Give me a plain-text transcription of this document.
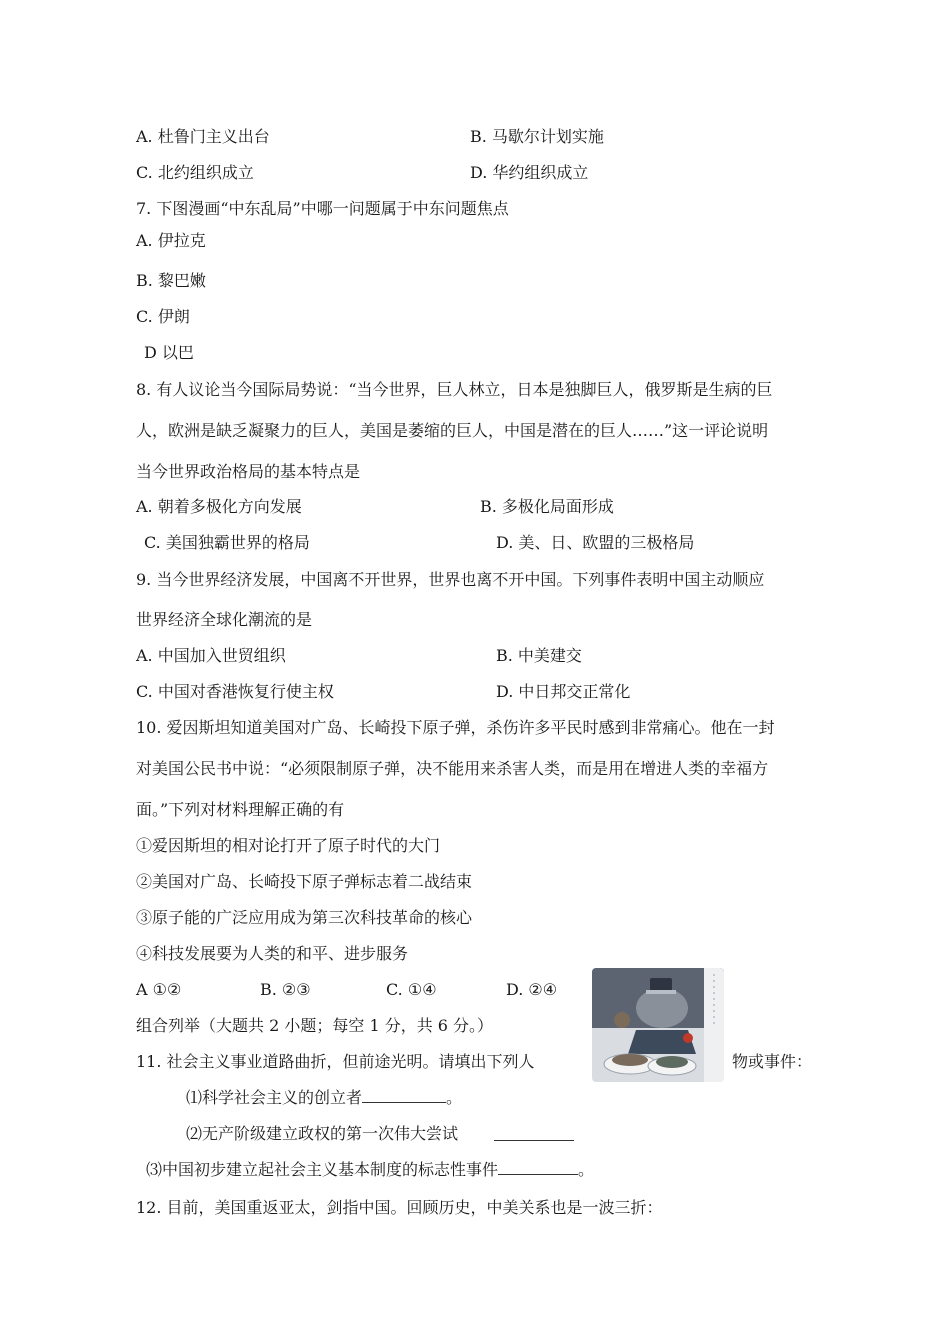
A. 杜鲁门主义出台	B. 马歇尔计划实施
C. 北约组织成立	D. 华约组织成立
7. 下图漫画“中东乱局”中哪一问题属于中东问题焦点
A. 伊拉克
B. 黎巴嫩
C. 伊朗
D 以巴
8. 有人议论当今国际局势说：“当今世界，巨人林立，日本是独脚巨人，俄罗斯是生病的巨
人，欧洲是缺乏凝聚力的巨人，美国是萎缩的巨人，中国是潜在的巨人……”这一评论说明
当今世界政治格局的基本特点是
A. 朝着多极化方向发展	B. 多极化局面形成
C. 美国独霸世界的格局	D. 美、日、欧盟的三极格局
9. 当今世界经济发展，中国离不开世界，世界也离不开中国。下列事件表明中国主动顺应
世界经济全球化潮流的是
A. 中国加入世贸组织	B. 中美建交
C. 中国对香港恢复行使主权	D. 中日邦交正常化
10. 爱因斯坦知道美国对广岛、长崎投下原子弹，杀伤许多平民时感到非常痛心。他在一封
对美国公民书中说：“必须限制原子弹，决不能用来杀害人类，而是用在增进人类的幸福方
面。”下列对材料理解正确的有
①爱因斯坦的相对论打开了原子时代的大门
②美国对广岛、长崎投下原子弹标志着二战结束
③原子能的广泛应用成为第三次科技革命的核心
④科技发展要为人类的和平、进步服务
A ①②	B. ②③	C. ①④	D. ②④
组合列举（大题共 2 小题；每空 1 分，共 6 分。）
11. 社会主义事业道路曲折，但前途光明。请填出下列人	物或事件：
⑴科学社会主义的创立者	。
⑵无产阶级建立政权的第一次伟大尝试
⑶中国初步建立起社会主义基本制度的标志性事件	。
12. 目前，美国重返亚太，剑指中国。回顾历史，中美关系也是一波三折：
